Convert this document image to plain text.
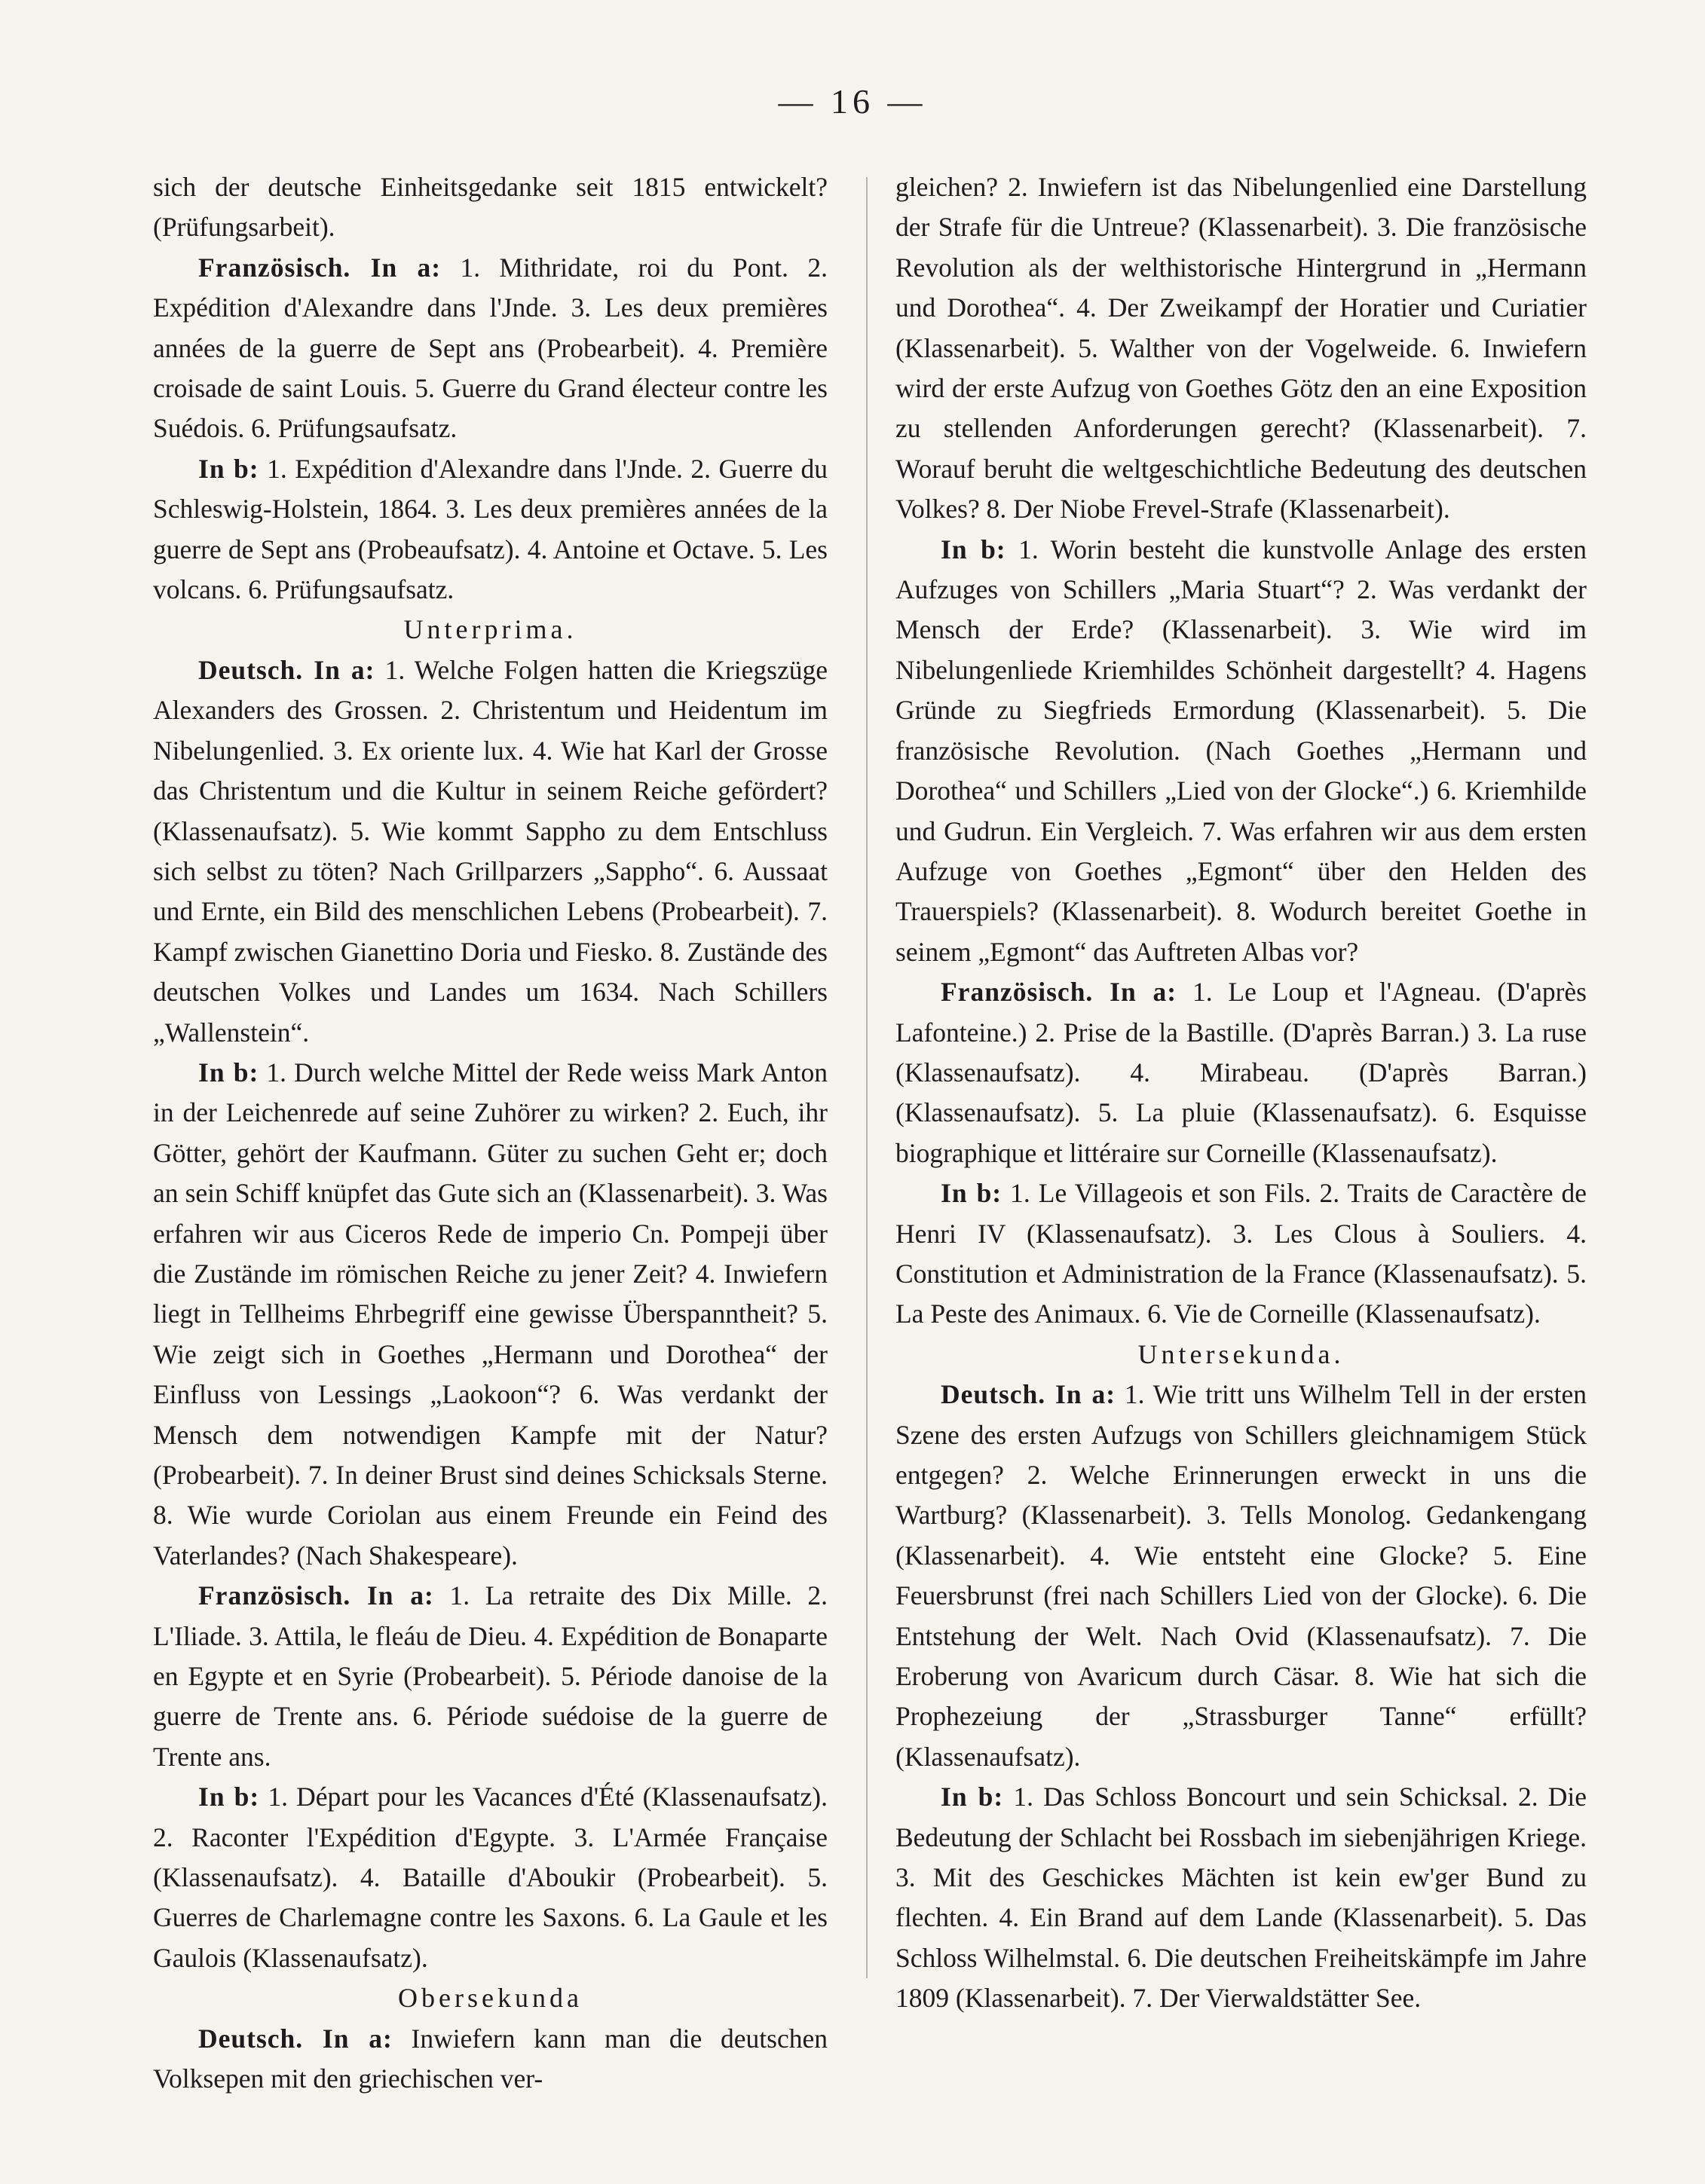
— 16 —

sich der deutsche Einheitsgedanke seit 1815 entwickelt? (Prüfungsarbeit).

Französisch. In a: 1. Mithridate, roi du Pont. 2. Expédition d'Alexandre dans l'Jnde. 3. Les deux premières années de la guerre de Sept ans (Probearbeit). 4. Première croisade de saint Louis. 5. Guerre du Grand électeur contre les Suédois. 6. Prüfungsaufsatz.

In b: 1. Expédition d'Alexandre dans l'Jnde. 2. Guerre du Schleswig-Holstein, 1864. 3. Les deux premières années de la guerre de Sept ans (Probeaufsatz). 4. Antoine et Octave. 5. Les volcans. 6. Prüfungsaufsatz.

Unterprima.

Deutsch. In a: 1. Welche Folgen hatten die Kriegszüge Alexanders des Grossen. 2. Christentum und Heidentum im Nibelungenlied. 3. Ex oriente lux. 4. Wie hat Karl der Grosse das Christentum und die Kultur in seinem Reiche gefördert? (Klassenaufsatz). 5. Wie kommt Sappho zu dem Entschluss sich selbst zu töten? Nach Grillparzers „Sappho“. 6. Aussaat und Ernte, ein Bild des menschlichen Lebens (Probearbeit). 7. Kampf zwischen Gianettino Doria und Fiesko. 8. Zustände des deutschen Volkes und Landes um 1634. Nach Schillers „Wallenstein“.

In b: 1. Durch welche Mittel der Rede weiss Mark Anton in der Leichenrede auf seine Zuhörer zu wirken? 2. Euch, ihr Götter, gehört der Kaufmann. Güter zu suchen Geht er; doch an sein Schiff knüpfet das Gute sich an (Klassenarbeit). 3. Was erfahren wir aus Ciceros Rede de imperio Cn. Pompeji über die Zustände im römischen Reiche zu jener Zeit? 4. Inwiefern liegt in Tellheims Ehrbegriff eine gewisse Überspanntheit? 5. Wie zeigt sich in Goethes „Hermann und Dorothea“ der Einfluss von Lessings „Laokoon“? 6. Was verdankt der Mensch dem notwendigen Kampfe mit der Natur? (Probearbeit). 7. In deiner Brust sind deines Schicksals Sterne. 8. Wie wurde Coriolan aus einem Freunde ein Feind des Vaterlandes? (Nach Shakespeare).

Französisch. In a: 1. La retraite des Dix Mille. 2. L'Iliade. 3. Attila, le fleáu de Dieu. 4. Expédition de Bonaparte en Egypte et en Syrie (Probearbeit). 5. Période danoise de la guerre de Trente ans. 6. Période suédoise de la guerre de Trente ans.

In b: 1. Départ pour les Vacances d'Été (Klassenaufsatz). 2. Raconter l'Expédition d'Egypte. 3. L'Armée Française (Klassenaufsatz). 4. Bataille d'Aboukir (Probearbeit). 5. Guerres de Charlemagne contre les Saxons. 6. La Gaule et les Gaulois (Klassenaufsatz).

Obersekunda

Deutsch. In a: Inwiefern kann man die deutschen Volksepen mit den griechischen ver-

gleichen? 2. Inwiefern ist das Nibelungenlied eine Darstellung der Strafe für die Untreue? (Klassenarbeit). 3. Die französische Revolution als der welthistorische Hintergrund in „Hermann und Dorothea“. 4. Der Zweikampf der Horatier und Curiatier (Klassenarbeit). 5. Walther von der Vogelweide. 6. Inwiefern wird der erste Aufzug von Goethes Götz den an eine Exposition zu stellenden Anforderungen gerecht? (Klassenarbeit). 7. Worauf beruht die weltgeschichtliche Bedeutung des deutschen Volkes? 8. Der Niobe Frevel-Strafe (Klassenarbeit).

In b: 1. Worin besteht die kunstvolle Anlage des ersten Aufzuges von Schillers „Maria Stuart“? 2. Was verdankt der Mensch der Erde? (Klassenarbeit). 3. Wie wird im Nibelungenliede Kriemhildes Schönheit dargestellt? 4. Hagens Gründe zu Siegfrieds Ermordung (Klassenarbeit). 5. Die französische Revolution. (Nach Goethes „Hermann und Dorothea“ und Schillers „Lied von der Glocke“.) 6. Kriemhilde und Gudrun. Ein Vergleich. 7. Was erfahren wir aus dem ersten Aufzuge von Goethes „Egmont“ über den Helden des Trauerspiels? (Klassenarbeit). 8. Wodurch bereitet Goethe in seinem „Egmont“ das Auftreten Albas vor?

Französisch. In a: 1. Le Loup et l'Agneau. (D'après Lafonteine.) 2. Prise de la Bastille. (D'après Barran.) 3. La ruse (Klassenaufsatz). 4. Mirabeau. (D'après Barran.) (Klassenaufsatz). 5. La pluie (Klassenaufsatz). 6. Esquisse biographique et littéraire sur Corneille (Klassenaufsatz).

In b: 1. Le Villageois et son Fils. 2. Traits de Caractère de Henri IV (Klassenaufsatz). 3. Les Clous à Souliers. 4. Constitution et Administration de la France (Klassenaufsatz). 5. La Peste des Animaux. 6. Vie de Corneille (Klassenaufsatz).

Untersekunda.

Deutsch. In a: 1. Wie tritt uns Wilhelm Tell in der ersten Szene des ersten Aufzugs von Schillers gleichnamigem Stück entgegen? 2. Welche Erinnerungen erweckt in uns die Wartburg? (Klassenarbeit). 3. Tells Monolog. Gedankengang (Klassenarbeit). 4. Wie entsteht eine Glocke? 5. Eine Feuersbrunst (frei nach Schillers Lied von der Glocke). 6. Die Entstehung der Welt. Nach Ovid (Klassenaufsatz). 7. Die Eroberung von Avaricum durch Cäsar. 8. Wie hat sich die Prophezeiung der „Strassburger Tanne“ erfüllt? (Klassenaufsatz).

In b: 1. Das Schloss Boncourt und sein Schicksal. 2. Die Bedeutung der Schlacht bei Rossbach im siebenjährigen Kriege. 3. Mit des Geschickes Mächten ist kein ew'ger Bund zu flechten. 4. Ein Brand auf dem Lande (Klassenarbeit). 5. Das Schloss Wilhelmstal. 6. Die deutschen Freiheitskämpfe im Jahre 1809 (Klassenarbeit). 7. Der Vierwaldstätter See.
